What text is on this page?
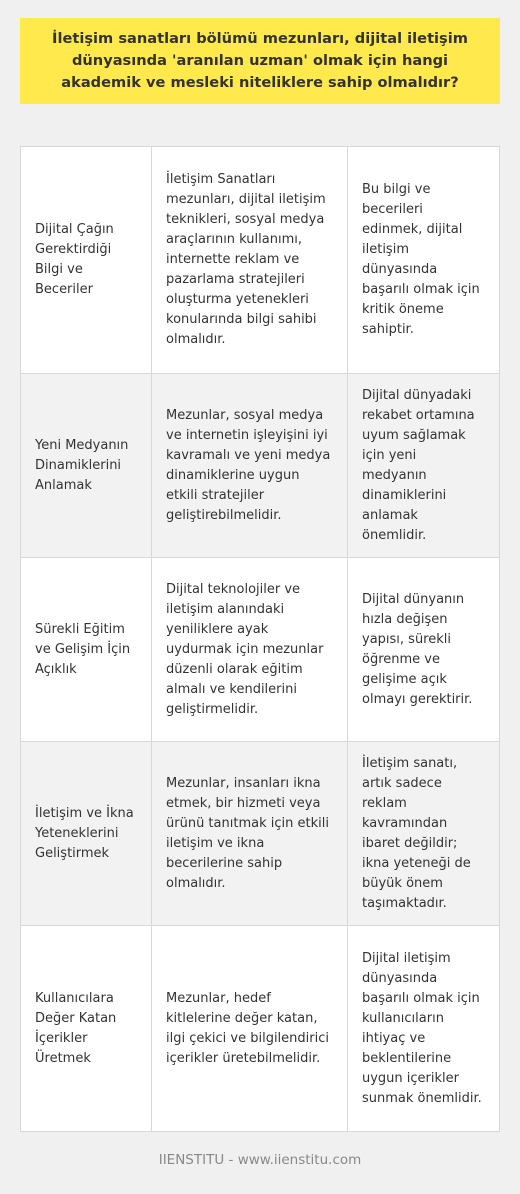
İletişim sanatları bölümü mezunları, dijital iletişim dünyasında 'aranılan uzman' olmak için hangi akademik ve mesleki niteliklere sahip olmalıdır?

Dijital Çağın Gerektirdiği Bilgi ve Beceriler
İletişim Sanatları mezunları, dijital iletişim teknikleri, sosyal medya araçlarının kullanımı, internette reklam ve pazarlama stratejileri oluşturma yetenekleri konularında bilgi sahibi olmalıdır.
Bu bilgi ve becerileri edinmek, dijital iletişim dünyasında başarılı olmak için kritik öneme sahiptir.
Yeni Medyanın Dinamiklerini Anlamak
Mezunlar, sosyal medya ve internetin işleyişini iyi kavramalı ve yeni medya dinamiklerine uygun etkili stratejiler geliştirebilmelidir.
Dijital dünyadaki rekabet ortamına uyum sağlamak için yeni medyanın dinamiklerini anlamak önemlidir.
Sürekli Eğitim ve Gelişim İçin Açıklık
Dijital teknolojiler ve iletişim alanındaki yeniliklere ayak uydurmak için mezunlar düzenli olarak eğitim almalı ve kendilerini geliştirmelidir.
Dijital dünyanın hızla değişen yapısı, sürekli öğrenme ve gelişime açık olmayı gerektirir.
İletişim ve İkna Yeteneklerini Geliştirmek
Mezunlar, insanları ikna etmek, bir hizmeti veya ürünü tanıtmak için etkili iletişim ve ikna becerilerine sahip olmalıdır.
İletişim sanatı, artık sadece reklam kavramından ibaret değildir; ikna yeteneği de büyük önem taşımaktadır.
Kullanıcılara Değer Katan İçerikler Üretmek
Mezunlar, hedef kitlelerine değer katan, ilgi çekici ve bilgilendirici içerikler üretebilmelidir.
Dijital iletişim dünyasında başarılı olmak için kullanıcıların ihtiyaç ve beklentilerine uygun içerikler sunmak önemlidir.
IIENSTITU - www.iienstitu.com
